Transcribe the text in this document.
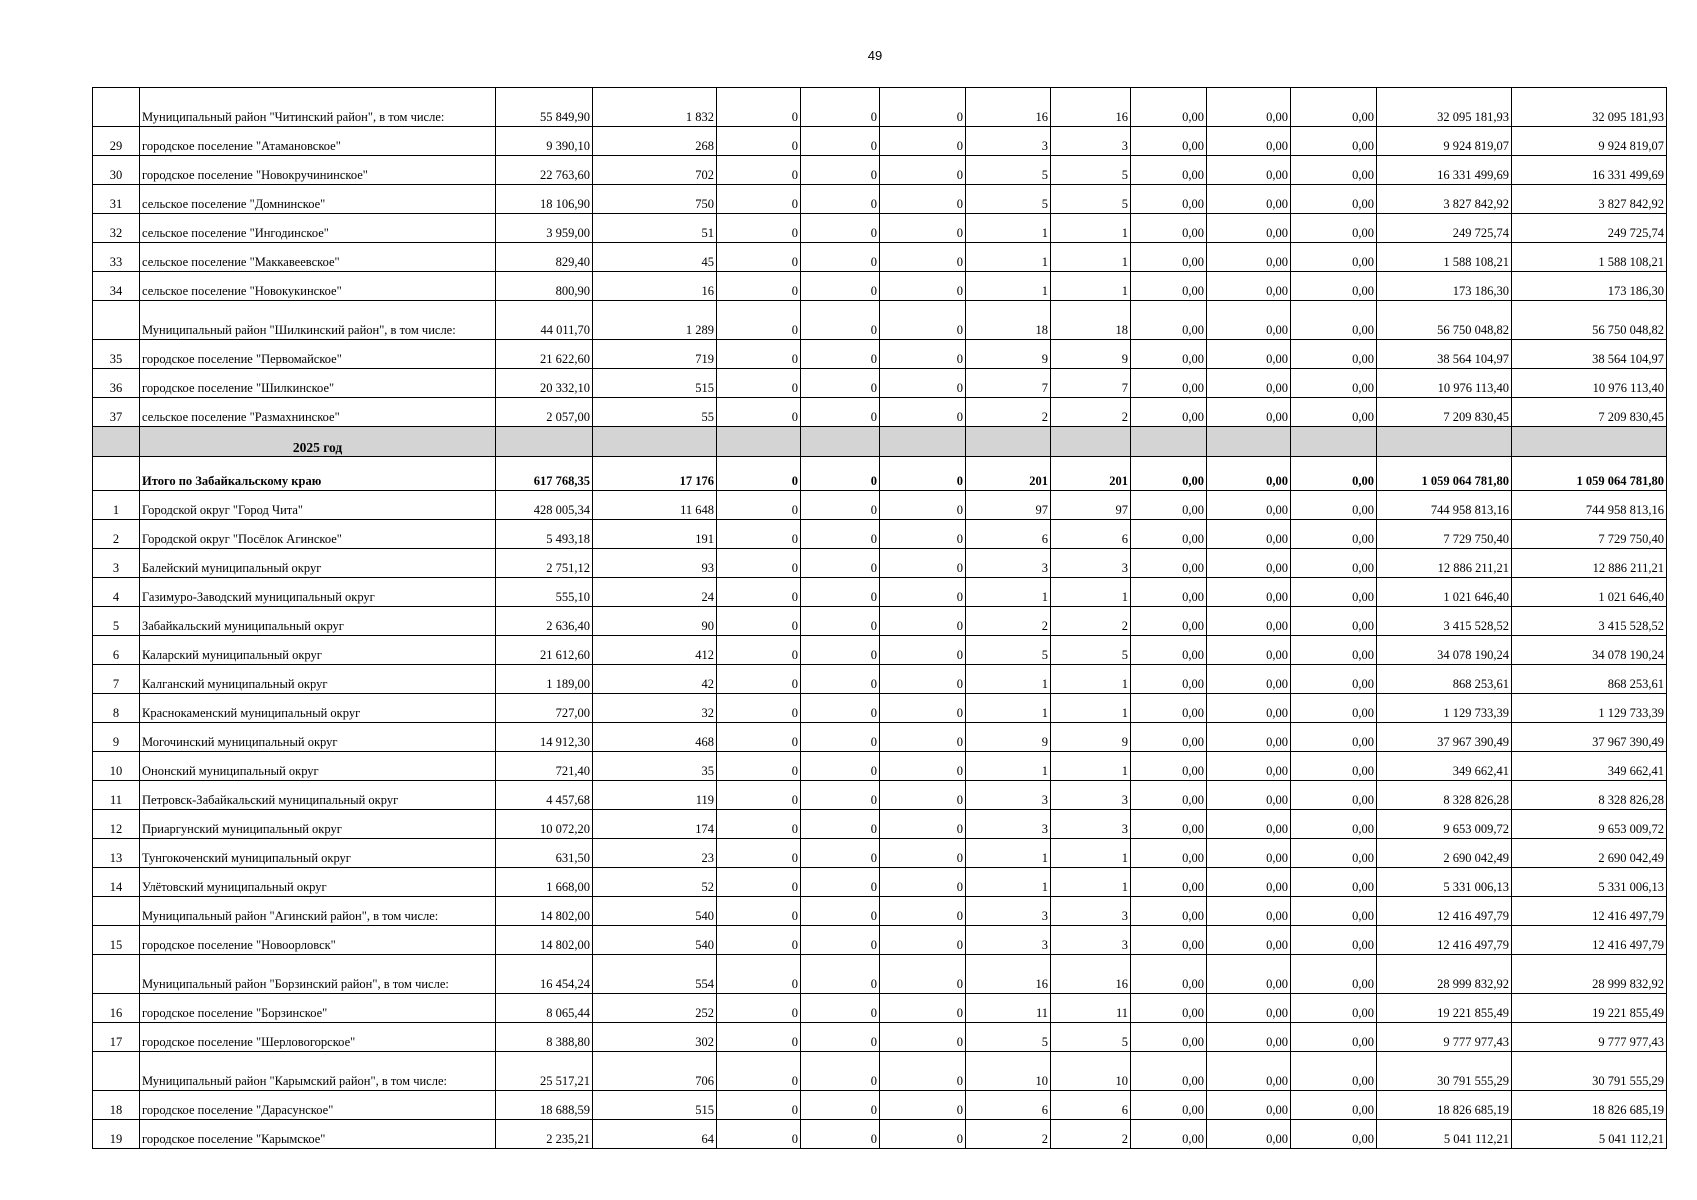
49
	Муниципальный район "Читинский район", в том числе:	55 849,90	1 832	0	0	0	16	16	0,00	0,00	0,00	32 095 181,93	32 095 181,93
29	городское поселение "Атамановское"	9 390,10	268	0	0	0	3	3	0,00	0,00	0,00	9 924 819,07	9 924 819,07
30	городское поселение "Новокручининское"	22 763,60	702	0	0	0	5	5	0,00	0,00	0,00	16 331 499,69	16 331 499,69
31	сельское поселение "Домнинское"	18 106,90	750	0	0	0	5	5	0,00	0,00	0,00	3 827 842,92	3 827 842,92
32	сельское поселение "Ингодинское"	3 959,00	51	0	0	0	1	1	0,00	0,00	0,00	249 725,74	249 725,74
33	сельское поселение "Маккавеевское"	829,40	45	0	0	0	1	1	0,00	0,00	0,00	1 588 108,21	1 588 108,21
34	сельское поселение "Новокукинское"	800,90	16	0	0	0	1	1	0,00	0,00	0,00	173 186,30	173 186,30
	Муниципальный район "Шилкинский район", в том числе:	44 011,70	1 289	0	0	0	18	18	0,00	0,00	0,00	56 750 048,82	56 750 048,82
35	городское поселение "Первомайское"	21 622,60	719	0	0	0	9	9	0,00	0,00	0,00	38 564 104,97	38 564 104,97
36	городское поселение "Шилкинское"	20 332,10	515	0	0	0	7	7	0,00	0,00	0,00	10 976 113,40	10 976 113,40
37	сельское поселение "Размахнинское"	2 057,00	55	0	0	0	2	2	0,00	0,00	0,00	7 209 830,45	7 209 830,45
	2025 год												
	Итого по Забайкальскому краю	617 768,35	17 176	0	0	0	201	201	0,00	0,00	0,00	1 059 064 781,80	1 059 064 781,80
1	Городской округ "Город Чита"	428 005,34	11 648	0	0	0	97	97	0,00	0,00	0,00	744 958 813,16	744 958 813,16
2	Городской округ "Посёлок Агинское"	5 493,18	191	0	0	0	6	6	0,00	0,00	0,00	7 729 750,40	7 729 750,40
3	Балейский муниципальный округ	2 751,12	93	0	0	0	3	3	0,00	0,00	0,00	12 886 211,21	12 886 211,21
4	Газимуро-Заводский муниципальный округ	555,10	24	0	0	0	1	1	0,00	0,00	0,00	1 021 646,40	1 021 646,40
5	Забайкальский муниципальный округ	2 636,40	90	0	0	0	2	2	0,00	0,00	0,00	3 415 528,52	3 415 528,52
6	Каларский муниципальный округ	21 612,60	412	0	0	0	5	5	0,00	0,00	0,00	34 078 190,24	34 078 190,24
7	Калганский муниципальный округ	1 189,00	42	0	0	0	1	1	0,00	0,00	0,00	868 253,61	868 253,61
8	Краснокаменский муниципальный округ	727,00	32	0	0	0	1	1	0,00	0,00	0,00	1 129 733,39	1 129 733,39
9	Могочинский муниципальный округ	14 912,30	468	0	0	0	9	9	0,00	0,00	0,00	37 967 390,49	37 967 390,49
10	Ононский муниципальный округ	721,40	35	0	0	0	1	1	0,00	0,00	0,00	349 662,41	349 662,41
11	Петровск-Забайкальский муниципальный округ	4 457,68	119	0	0	0	3	3	0,00	0,00	0,00	8 328 826,28	8 328 826,28
12	Приаргунский муниципальный округ	10 072,20	174	0	0	0	3	3	0,00	0,00	0,00	9 653 009,72	9 653 009,72
13	Тунгокоченский муниципальный округ	631,50	23	0	0	0	1	1	0,00	0,00	0,00	2 690 042,49	2 690 042,49
14	Улётовский муниципальный округ	1 668,00	52	0	0	0	1	1	0,00	0,00	0,00	5 331 006,13	5 331 006,13
	Муниципальный район "Агинский район", в том числе:	14 802,00	540	0	0	0	3	3	0,00	0,00	0,00	12 416 497,79	12 416 497,79
15	городское поселение "Новоорловск"	14 802,00	540	0	0	0	3	3	0,00	0,00	0,00	12 416 497,79	12 416 497,79
	Муниципальный район "Борзинский район", в том числе:	16 454,24	554	0	0	0	16	16	0,00	0,00	0,00	28 999 832,92	28 999 832,92
16	городское поселение "Борзинское"	8 065,44	252	0	0	0	11	11	0,00	0,00	0,00	19 221 855,49	19 221 855,49
17	городское поселение "Шерловогорское"	8 388,80	302	0	0	0	5	5	0,00	0,00	0,00	9 777 977,43	9 777 977,43
	Муниципальный район "Карымский район", в том числе:	25 517,21	706	0	0	0	10	10	0,00	0,00	0,00	30 791 555,29	30 791 555,29
18	городское поселение "Дарасунское"	18 688,59	515	0	0	0	6	6	0,00	0,00	0,00	18 826 685,19	18 826 685,19
19	городское поселение "Карымское"	2 235,21	64	0	0	0	2	2	0,00	0,00	0,00	5 041 112,21	5 041 112,21
